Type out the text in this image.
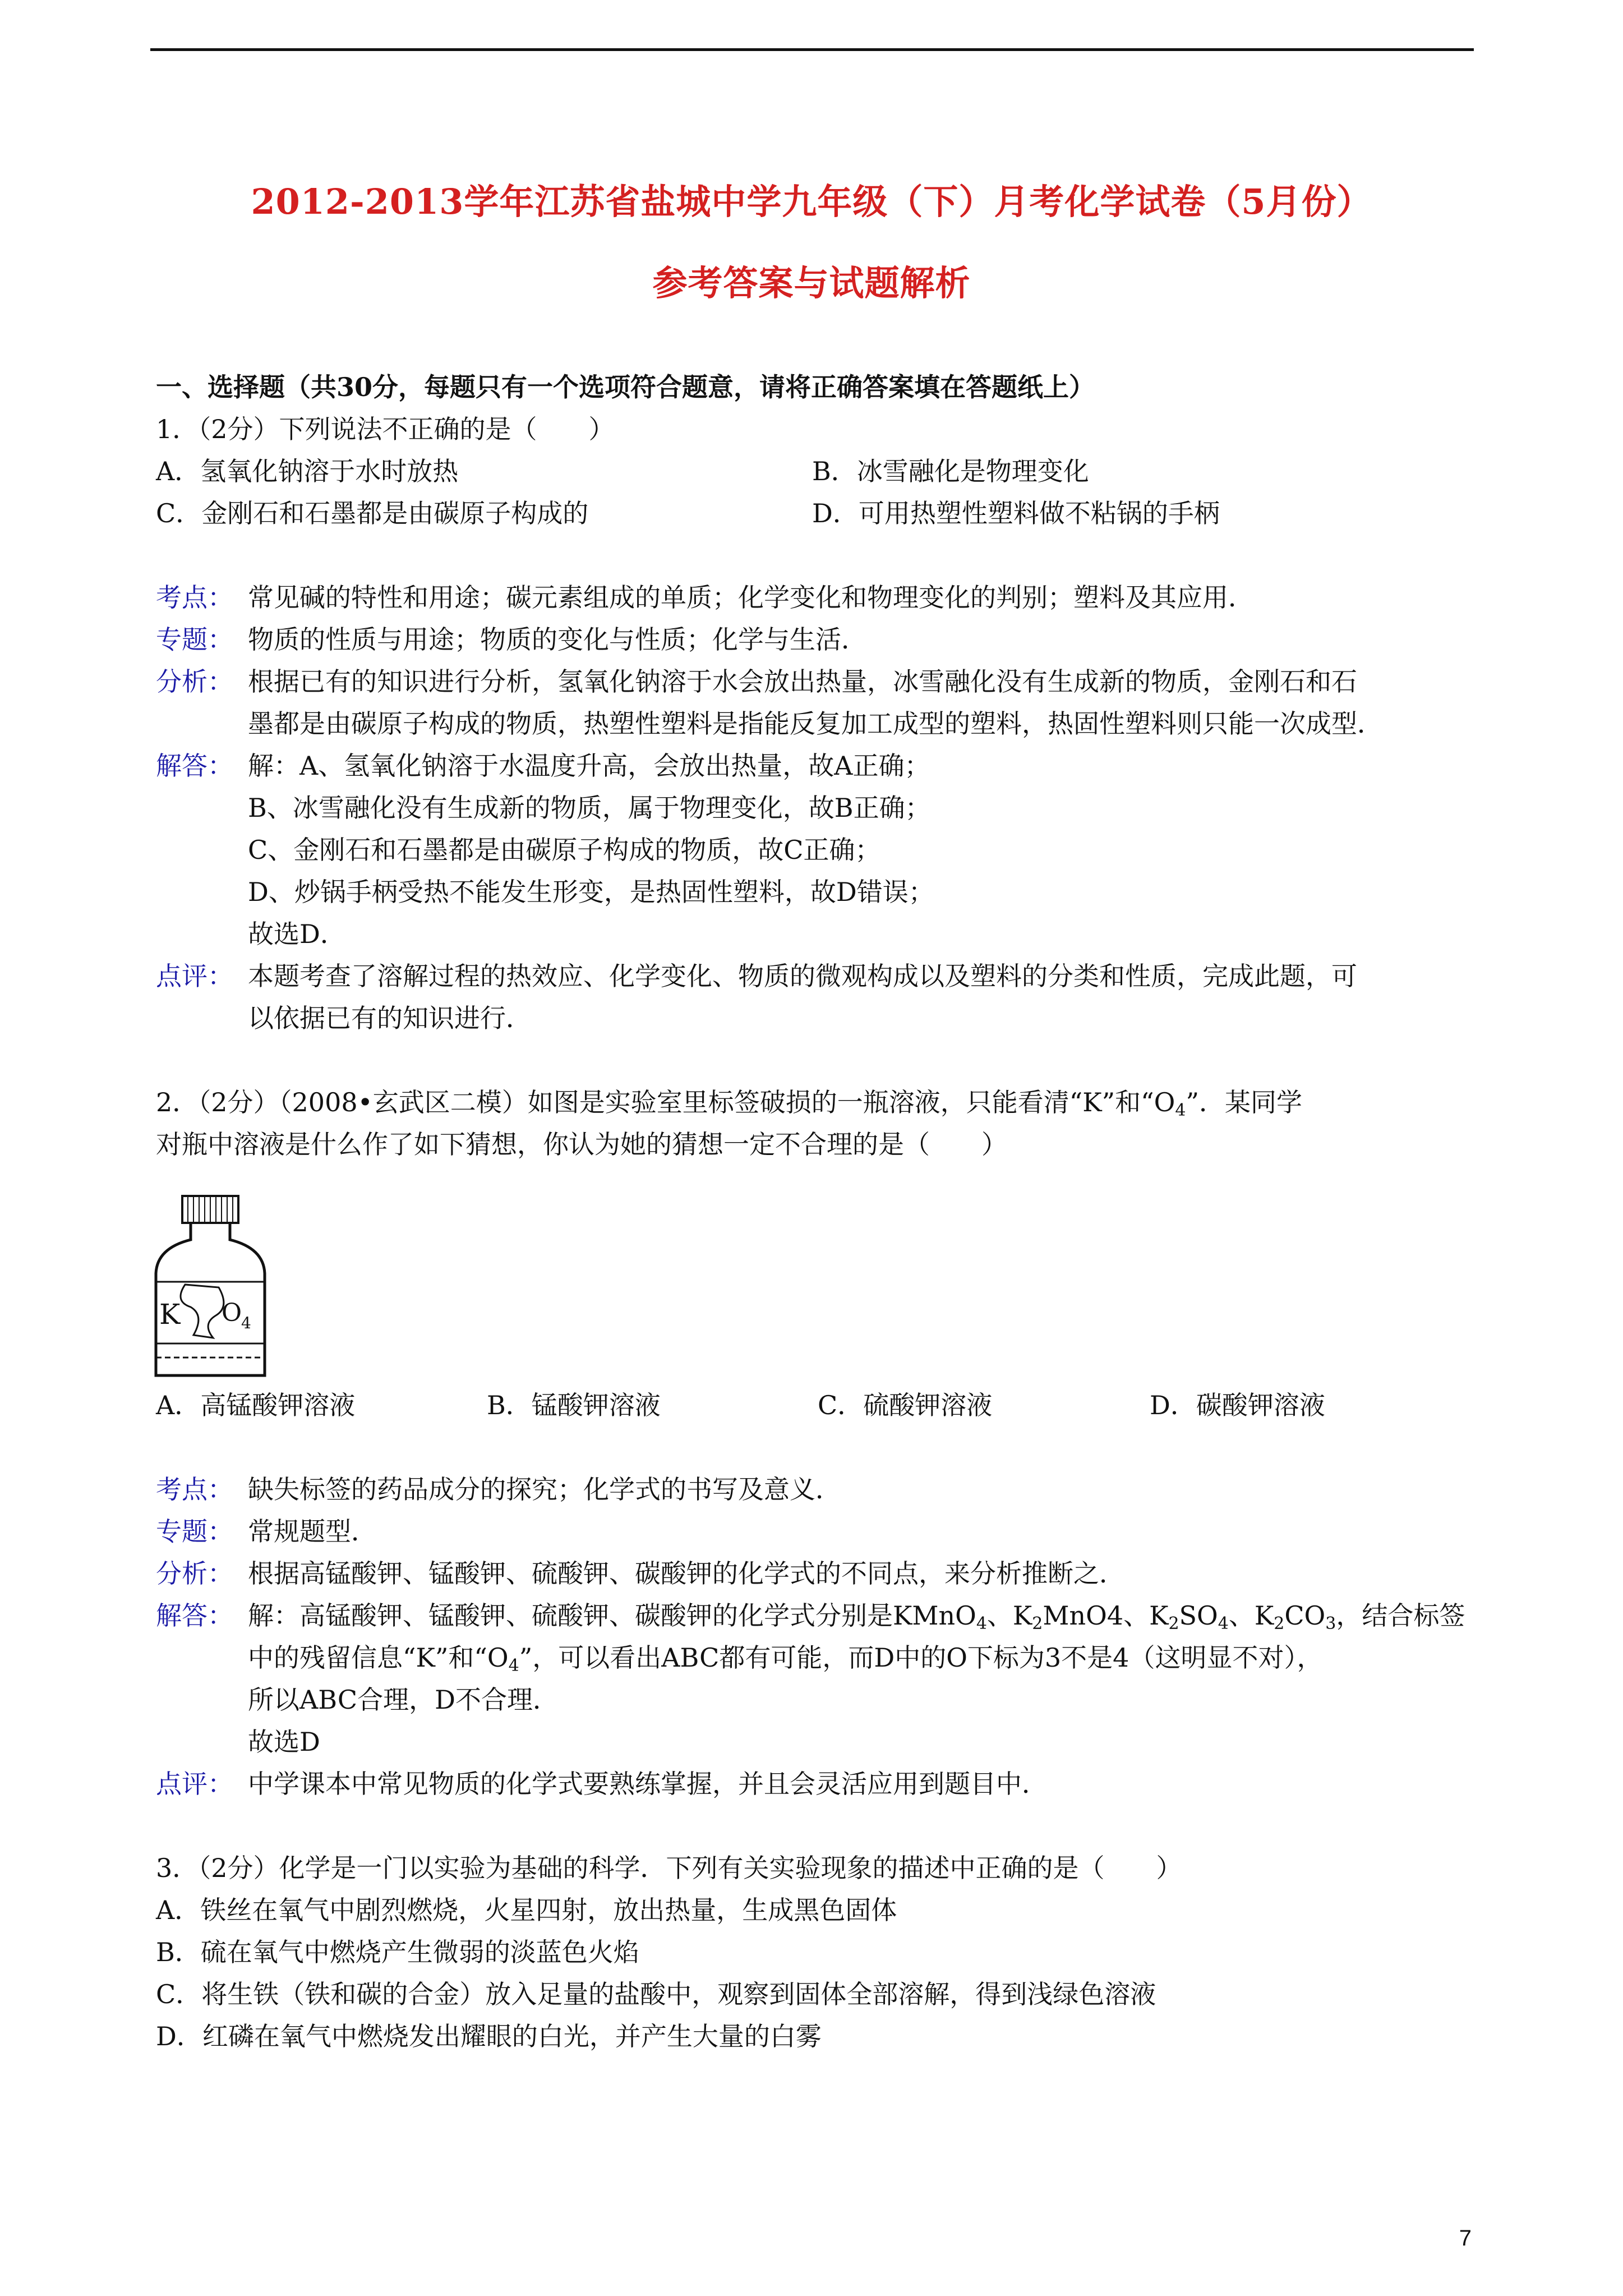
2012-2013学年江苏省盐城中学九年级（下）月考化学试卷（5月份）
参考答案与试题解析
一、选择题（共30分，每题只有一个选项符合题意，请将正确答案填在答题纸上）
1．（2分）下列说法不正确的是（　　）
A．氢氧化钠溶于水时放热	B．冰雪融化是物理变化
C．金刚石和石墨都是由碳原子构成的	D．可用热塑性塑料做不粘锅的手柄
考点： 常见碱的特性和用途；碳元素组成的单质；化学变化和物理变化的判别；塑料及其应用．
专题： 物质的性质与用途；物质的变化与性质；化学与生活．
分析： 根据已有的知识进行分析，氢氧化钠溶于水会放出热量，冰雪融化没有生成新的物质，金刚石和石
墨都是由碳原子构成的物质，热塑性塑料是指能反复加工成型的塑料，热固性塑料则只能一次成型．
解答： 解：A、氢氧化钠溶于水温度升高，会放出热量，故A正确；
B、冰雪融化没有生成新的物质，属于物理变化，故B正确；
C、金刚石和石墨都是由碳原子构成的物质，故C正确；
D、炒锅手柄受热不能发生形变，是热固性塑料，故D错误；
故选D．
点评： 本题考查了溶解过程的热效应、化学变化、物质的微观构成以及塑料的分类和性质，完成此题，可
以依据已有的知识进行．
2．（2分）（2008•玄武区二模）如图是实验室里标签破损的一瓶溶液，只能看清“K”和“$O_4$”．某同学
对瓶中溶液是什么作了如下猜想，你认为她的猜想一定不合理的是（　　）
K O
4
A．高锰酸钾溶液	B．锰酸钾溶液	C．硫酸钾溶液	D．碳酸钾溶液
考点： 缺失标签的药品成分的探究；化学式的书写及意义．
专题： 常规题型．
分析： 根据高锰酸钾、锰酸钾、硫酸钾、碳酸钾的化学式的不同点，来分析推断之．
解答： 解：高锰酸钾、锰酸钾、硫酸钾、碳酸钾的化学式分别是KMnO$_4$、$K_2MnO4$、$K_2SO_4$、$K_2CO_3$，结合标签
中的残留信息“K”和“$O_4$”，可以看出ABC都有可能，而D中的O下标为3不是4（这明显不对），
所以ABC合理，D不合理．
故选D
点评： 中学课本中常见物质的化学式要熟练掌握，并且会灵活应用到题目中．
3．（2分）化学是一门以实验为基础的科学．下列有关实验现象的描述中正确的是（　　）
A．铁丝在氧气中剧烈燃烧，火星四射，放出热量，生成黑色固体
B．硫在氧气中燃烧产生微弱的淡蓝色火焰
C．将生铁（铁和碳的合金）放入足量的盐酸中，观察到固体全部溶解，得到浅绿色溶液
D．红磷在氧气中燃烧发出耀眼的白光，并产生大量的白雾
7
